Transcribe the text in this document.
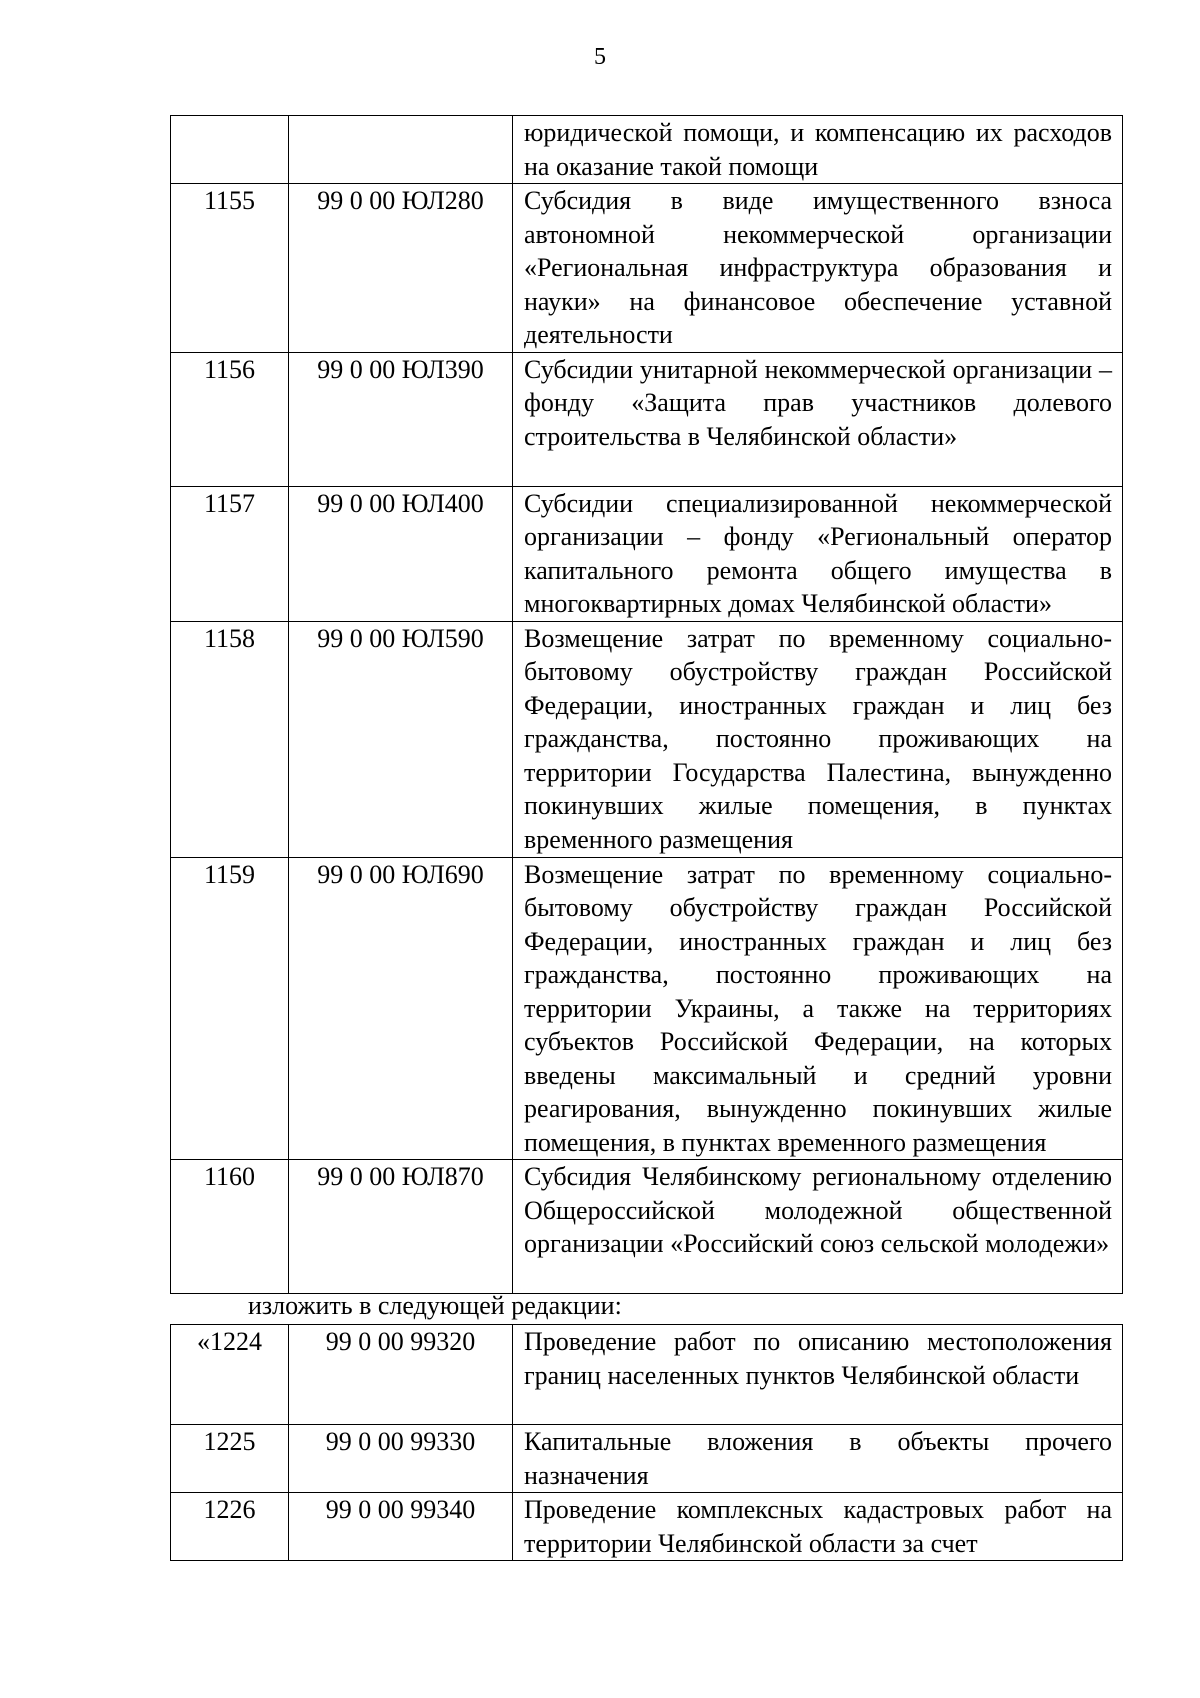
5
		юридической помощи, и компенсацию их расходов на оказание такой помощи
1155	99 0 00 ЮЛ280	Субсидия в виде имущественного взноса автономной некоммерческой организации «Региональная инфраструктура образования и науки» на финансовое обеспечение уставной деятельности
1156	99 0 00 ЮЛ390	Субсидии унитарной некоммерческой организации – фонду «Защита прав участников долевого строительства в Челябинской области»
1157	99 0 00 ЮЛ400	Субсидии специализированной некоммерческой организации – фонду «Региональный оператор капитального ремонта общего имущества в многоквартирных домах Челябинской области»
1158	99 0 00 ЮЛ590	Возмещение затрат по временному социально-бытовому обустройству граждан Российской Федерации, иностранных граждан и лиц без гражданства, постоянно проживающих на территории Государства Палестина, вынужденно покинувших жилые помещения, в пунктах временного размещения
1159	99 0 00 ЮЛ690	Возмещение затрат по временному социально-бытовому обустройству граждан Российской Федерации, иностранных граждан и лиц без гражданства, постоянно проживающих на территории Украины, а также на территориях субъектов Российской Федерации, на которых введены максимальный и средний уровни реагирования, вынужденно покинувших жилые помещения, в пунктах временного размещения
1160	99 0 00 ЮЛ870	Субсидия Челябинскому региональному отделению Общероссийской молодежной общественной организации «Российский союз сельской молодежи»
изложить в следующей редакции:
«1224	99 0 00 99320	Проведение работ по описанию местоположения границ населенных пунктов Челябинской области
1225	99 0 00 99330	Капитальные вложения в объекты прочего назначения
1226	99 0 00 99340	Проведение комплексных кадастровых работ на территории Челябинской области за счет
